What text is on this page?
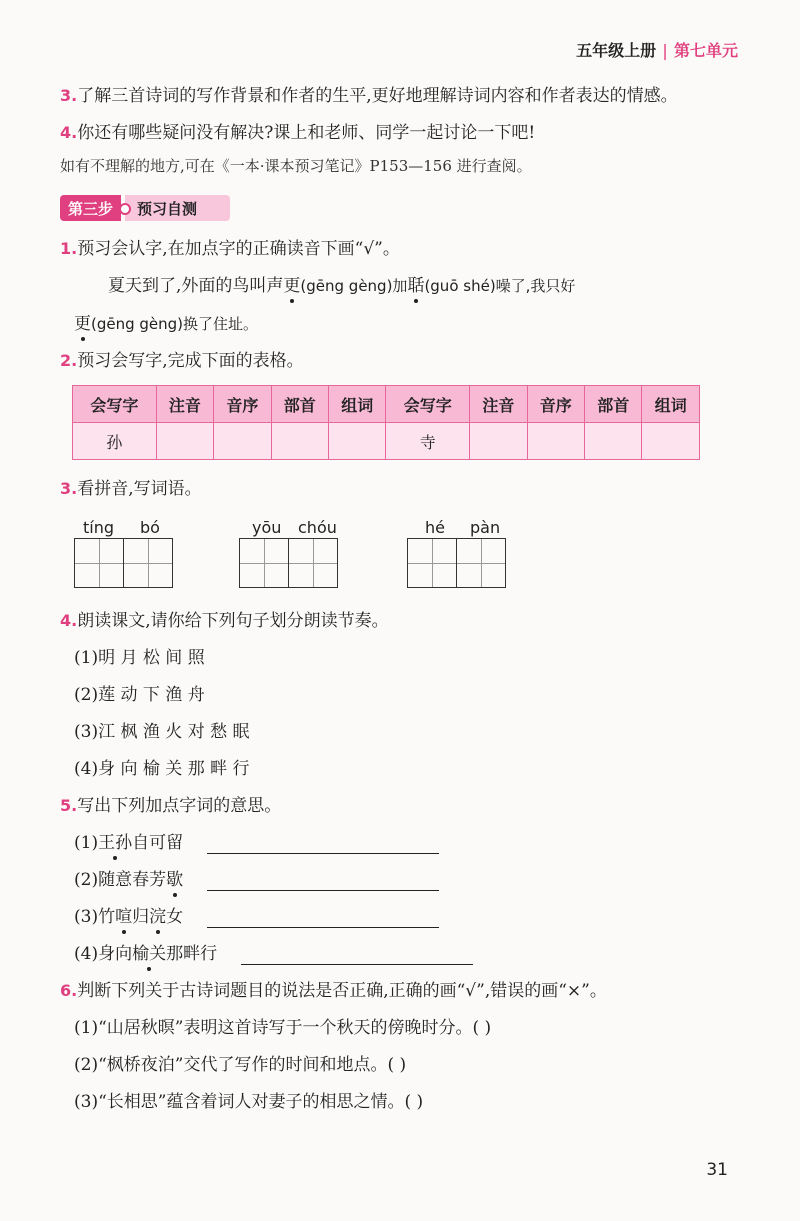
五年级上册 | 第七单元
3.了解三首诗词的写作背景和作者的生平,更好地理解诗词内容和作者表达的情感。
4.你还有哪些疑问没有解决?课上和老师、同学一起讨论一下吧!
如有不理解的地方,可在《一本·课本预习笔记》P153—156 进行查阅。
第三步	预习自测
1.预习会认字,在加点字的正确读音下画“√”。
夏天到了,外面的鸟叫声更(gēng gèng)加聒(guō shé)噪了,我只好
更(gēng gèng)换了住址。
2.预习会写字,完成下面的表格。
会写字	注音	音序	部首	组词	会写字	注音	音序	部首	组词
孙					寺				
3.看拼音,写词语。
tíng bó	yōu chóu	hé pàn
4.朗读课文,请你给下列句子划分朗读节奏。
(1)明 月 松 间 照
(2)莲 动 下 渔 舟
(3)江 枫 渔 火 对 愁 眠
(4)身 向 榆 关 那 畔 行
5.写出下列加点字词的意思。
(1)王孙自可留
(2)随意春芳歇
(3)竹喧归浣女
(4)身向榆关那畔行
6.判断下列关于古诗词题目的说法是否正确,正确的画“√”,错误的画“×”。
(1)“山居秋暝”表明这首诗写于一个秋天的傍晚时分。( )
(2)“枫桥夜泊”交代了写作的时间和地点。( )
(3)“长相思”蕴含着词人对妻子的相思之情。( )
31
